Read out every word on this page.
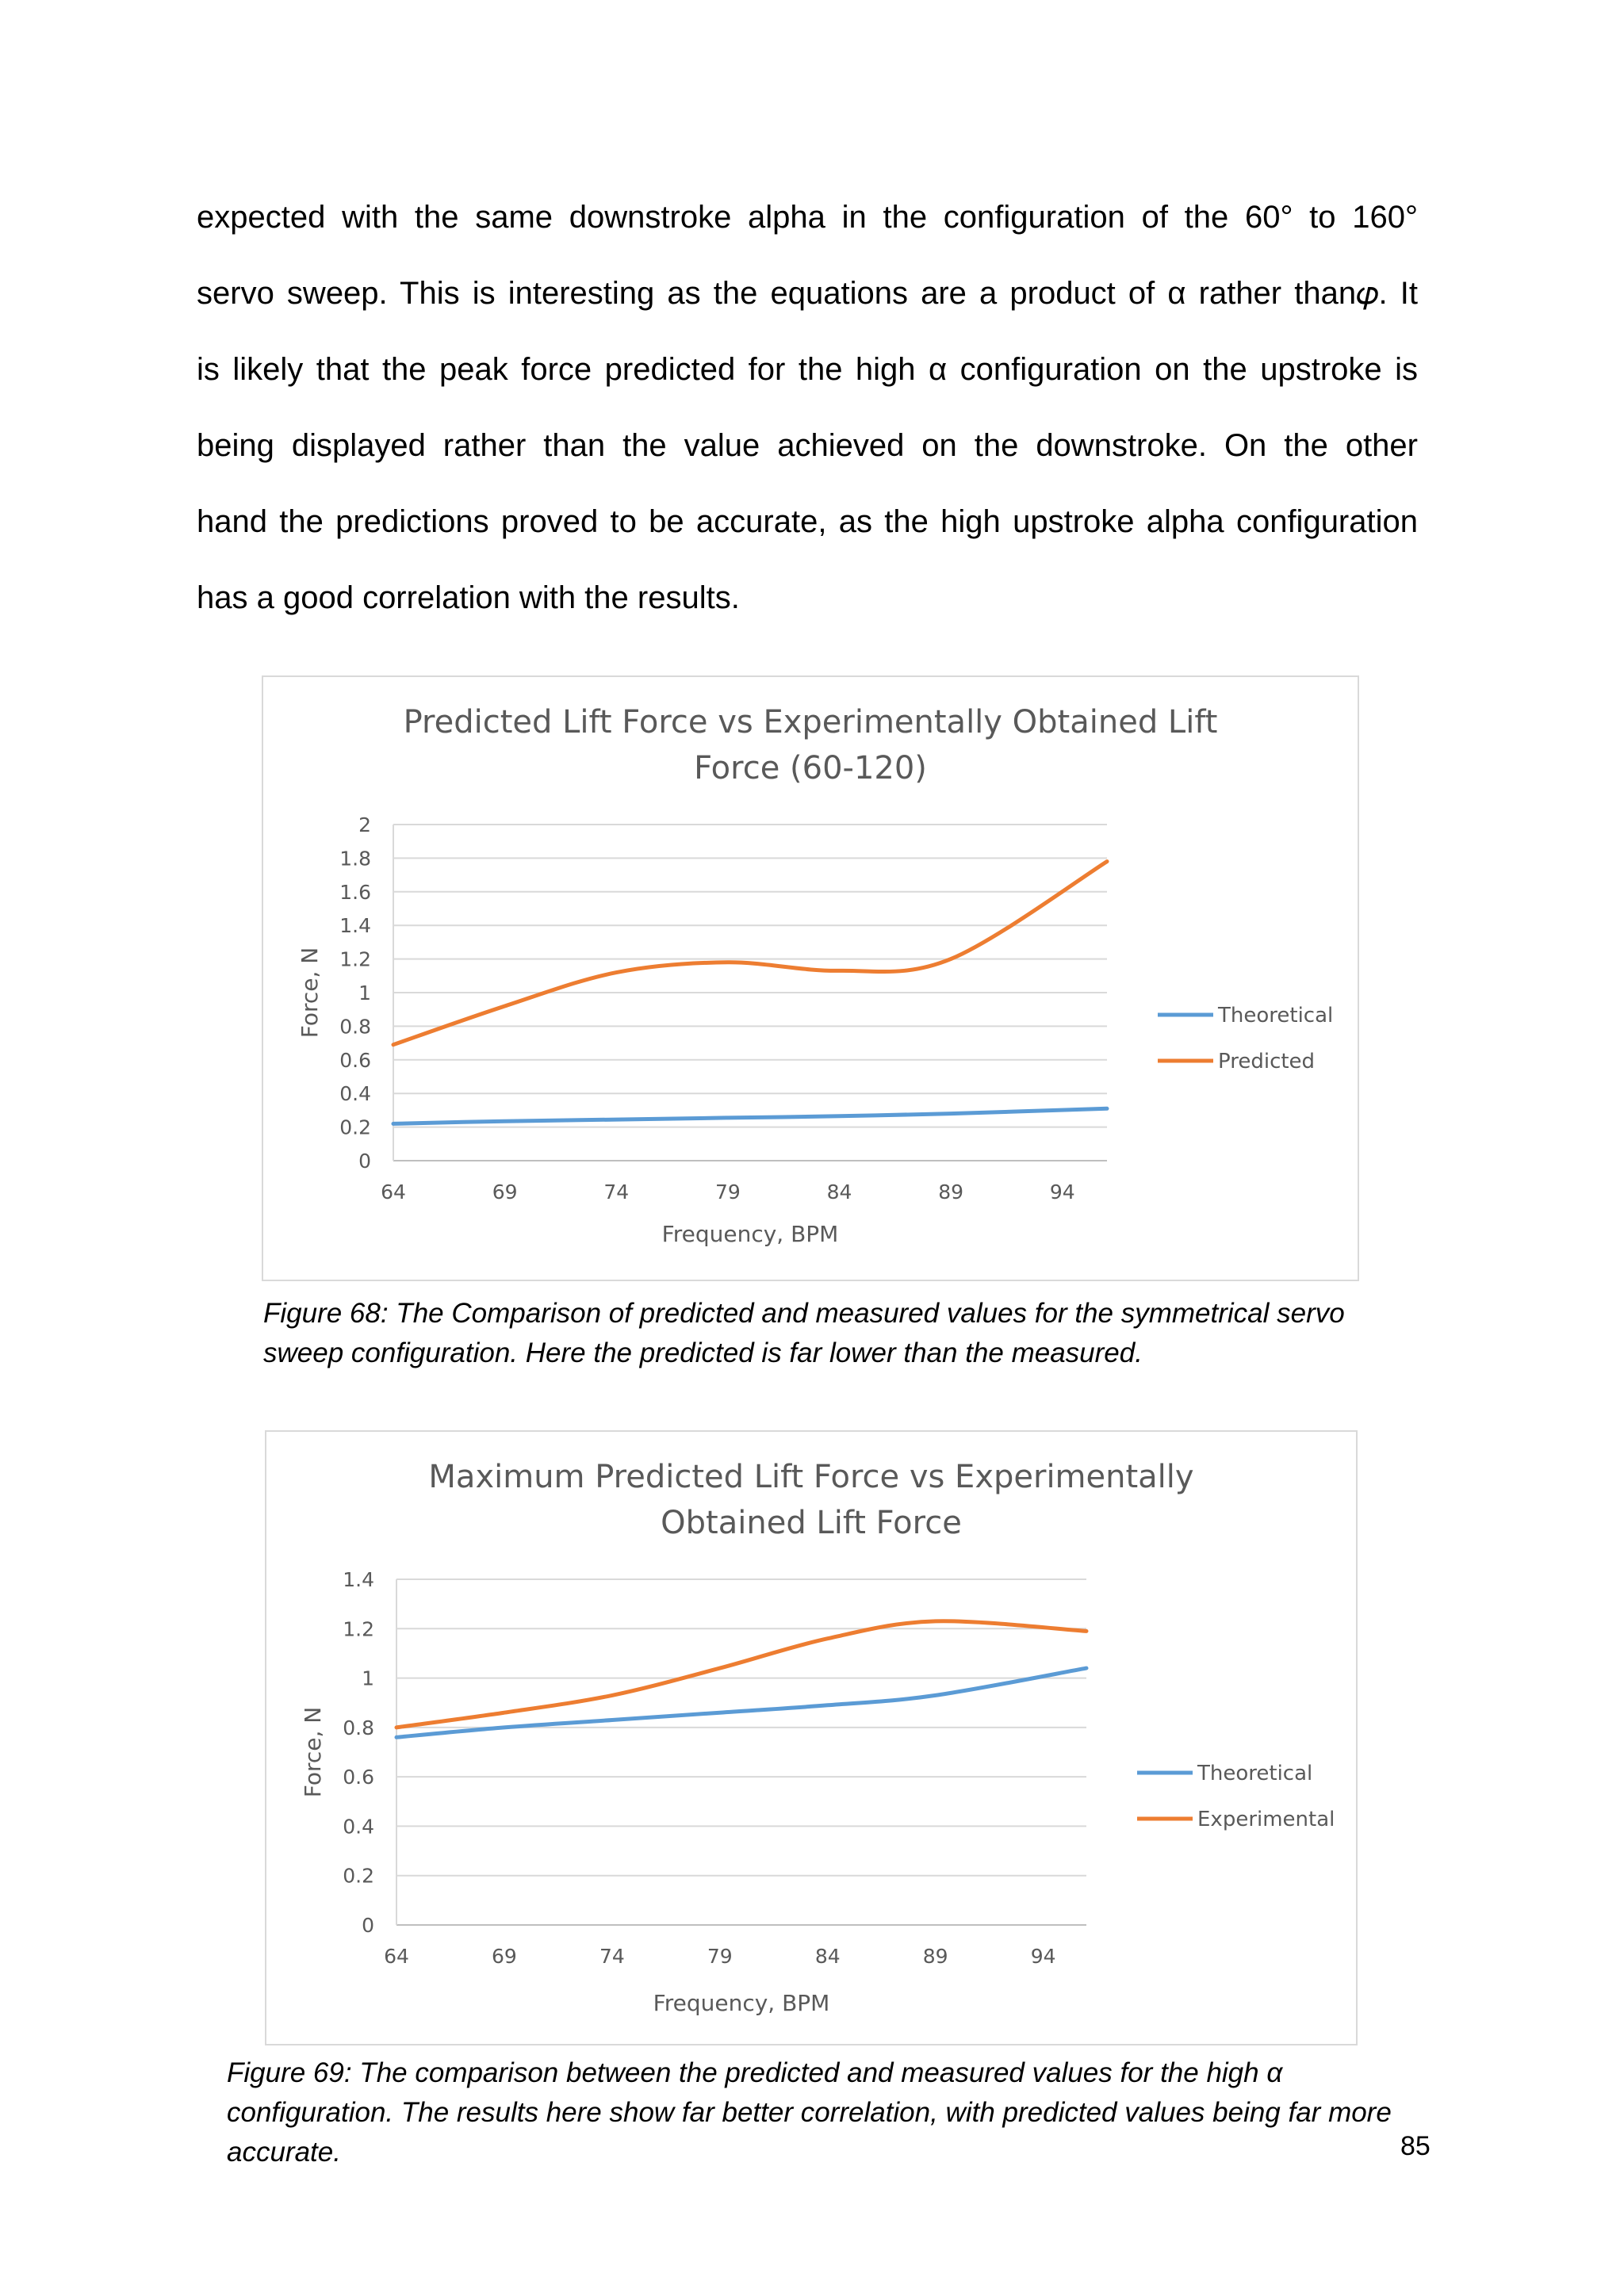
expected with the same downstroke alpha in the configuration of the 60° to 160°
servo sweep. This is interesting as the equations are a product of α rather than𝜑. It
is likely that the peak force predicted for the high α configuration on the upstroke is
being displayed rather than the value achieved on the downstroke. On the other
hand the predictions proved to be accurate, as the high upstroke alpha configuration
has a good correlation with the results.
Predicted Lift Force vs Experimentally Obtained Lift
Force (60-120)
0
0.2
0.4
0.6
0.8
1
1.2
1.4
1.6
1.8
2
64	69	74	79	84	89	94
Frequency, BPM
Force, N	Theoretical
Predicted

Figure 68: The Comparison of predicted and measured values for the symmetrical servo
sweep configuration. Here the predicted is far lower than the measured.

Maximum Predicted Lift Force vs Experimentally
Obtained Lift Force
0
0.2
0.4
0.6
0.8
1
1.2
1.4
64	69	74	79	84	89	94
Frequency, BPM
Force, N	Theoretical
Experimental

Figure 69: The comparison between the predicted and measured values for the high α
configuration. The results here show far better correlation, with predicted values being far more
accurate.	85
